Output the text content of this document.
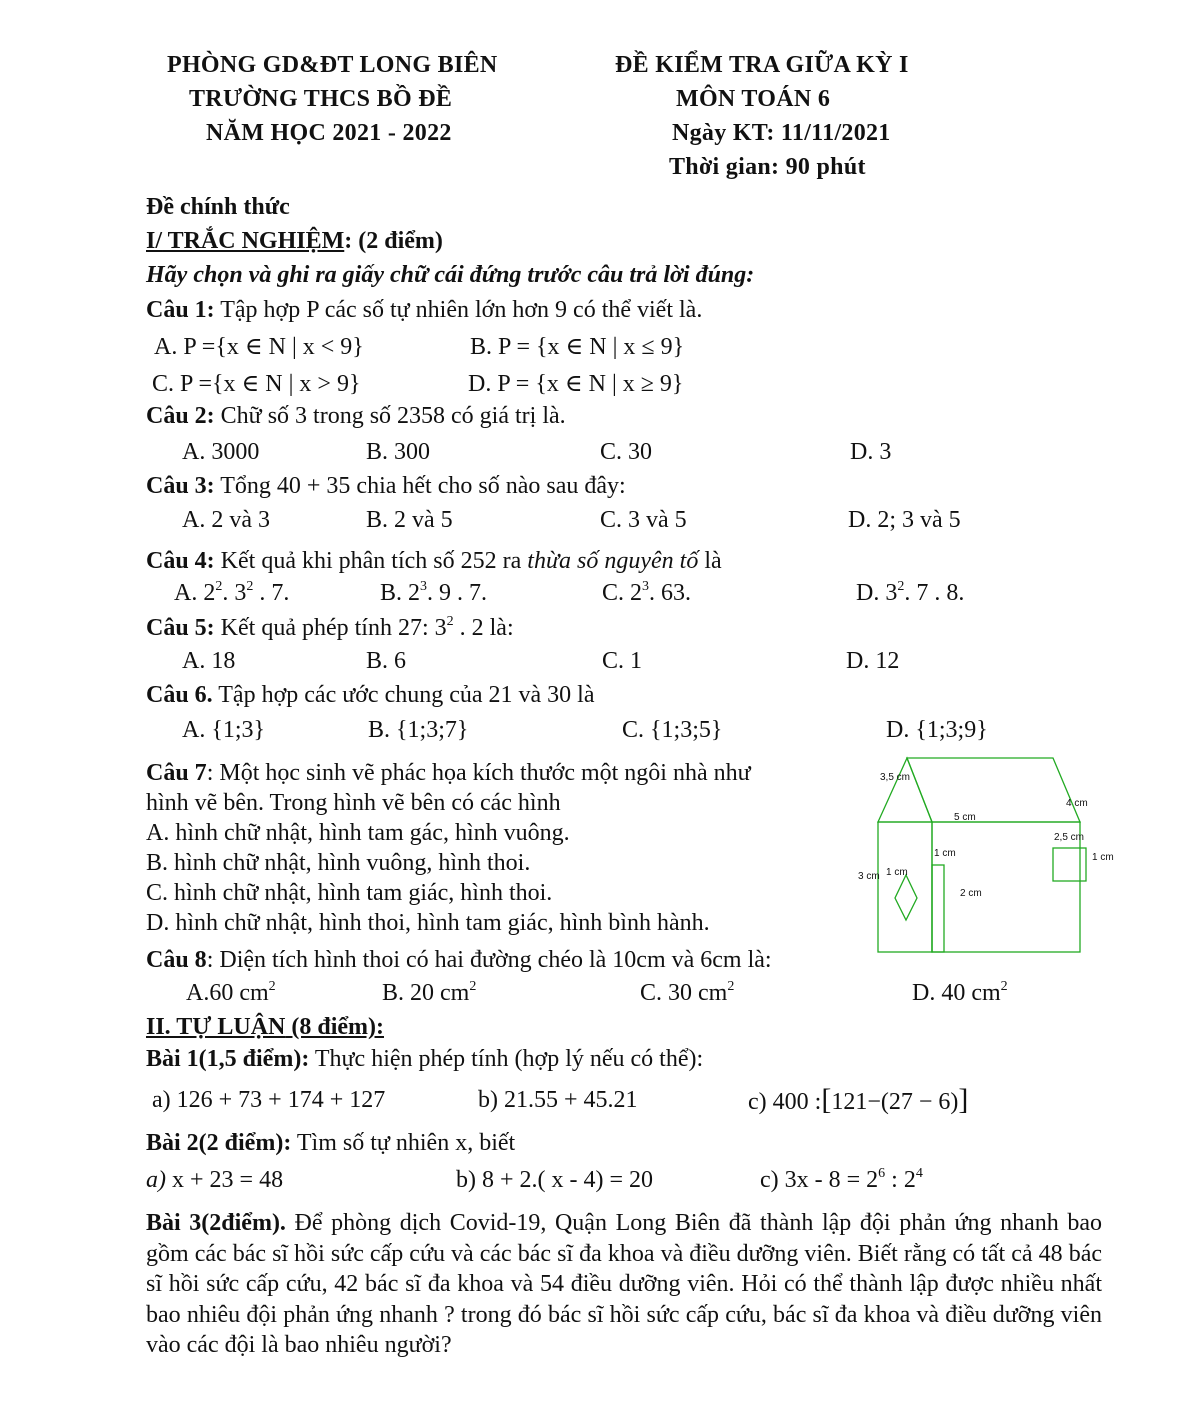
PHÒNG GD&ĐT LONG BIÊN
TRƯỜNG THCS BỒ ĐỀ
NĂM HỌC 2021 - 2022
ĐỀ KIỂM TRA GIỮA KỲ I
MÔN TOÁN 6
Ngày KT: 11/11/2021
Thời gian: 90 phút
Đề chính thức
I/ TRẮC NGHIỆM: (2 điểm)
Hãy chọn và ghi ra giấy chữ cái đứng trước câu trả lời đúng:
Câu 1: Tập hợp P các số tự nhiên lớn hơn 9 có thể viết là.
A. P ={x ∈ N | x < 9}	B. P = {x ∈ N | x ≤ 9}
C. P ={x ∈ N | x > 9}	D. P = {x ∈ N | x ≥ 9}
Câu 2: Chữ số 3 trong số 2358 có giá trị là.
A. 3000	B. 300	C. 30	D. 3
Câu 3: Tổng 40 + 35 chia hết cho số nào sau đây:
A. 2 và 3	B. 2 và 5	C. 3 và 5	D. 2; 3 và 5
Câu 4: Kết quả khi phân tích số 252 ra thừa số nguyên tố là
A. $2^2$. $3^2$ . 7.	B. $2^3$. 9 . 7.	C. $2^3$. 63.	D. $3^2$. 7 . 8.
Câu 5: Kết quả phép tính 27: $3^2$ . 2 là:
A. 18	B. 6	C. 1	D. 12
Câu 6. Tập hợp các ước chung của 21 và 30 là
A. {1;3}	B. {1;3;7}	C. {1;3;5}	D. {1;3;9}
Câu 7: Một học sinh vẽ phác họa kích thước một ngôi nhà như
hình vẽ bên. Trong hình vẽ bên có các hình
A. hình chữ nhật, hình tam gác, hình vuông.
B. hình chữ nhật, hình vuông, hình thoi.
C. hình chữ nhật, hình tam giác, hình thoi.
D. hình chữ nhật, hình thoi, hình tam giác, hình bình hành.
3,5 cm
5 cm
4 cm
2,5 cm
1 cm
1 cm
1 cm
3 cm
2 cm
Câu 8: Diện tích hình thoi có hai đường chéo là 10cm và 6cm là:
A.60 $cm^2$	B. 20 $cm^2$	C. 30 $cm^2$	D. 40 $cm^2$
II. TỰ LUẬN (8 điểm):
Bài 1(1,5 điểm): Thực hiện phép tính (hợp lý nếu có thể):
a) 126 + 73 + 174 + 127	b) 21.55 + 45.21	c) 400 :[121−(27 − 6)]
Bài 2(2 điểm): Tìm số tự nhiên x, biết
a) x + 23 = 48	b) 8 + 2.( x - 4) = 20	c) $3x - 8 = 2^6$ : $2^4$
Bài 3(2điểm). Để phòng dịch Covid-19, Quận Long Biên đã thành lập đội phản ứng nhanh bao gồm các bác sĩ hồi sức cấp cứu và các bác sĩ đa khoa và điều dưỡng viên. Biết rằng có tất cả 48 bác sĩ hồi sức cấp cứu, 42 bác sĩ đa khoa và 54 điều dưỡng viên. Hỏi có thể thành lập được nhiều nhất bao nhiêu đội phản ứng nhanh ? trong đó bác sĩ hồi sức cấp cứu, bác sĩ đa khoa và điều dưỡng viên vào các đội là bao nhiêu người?
